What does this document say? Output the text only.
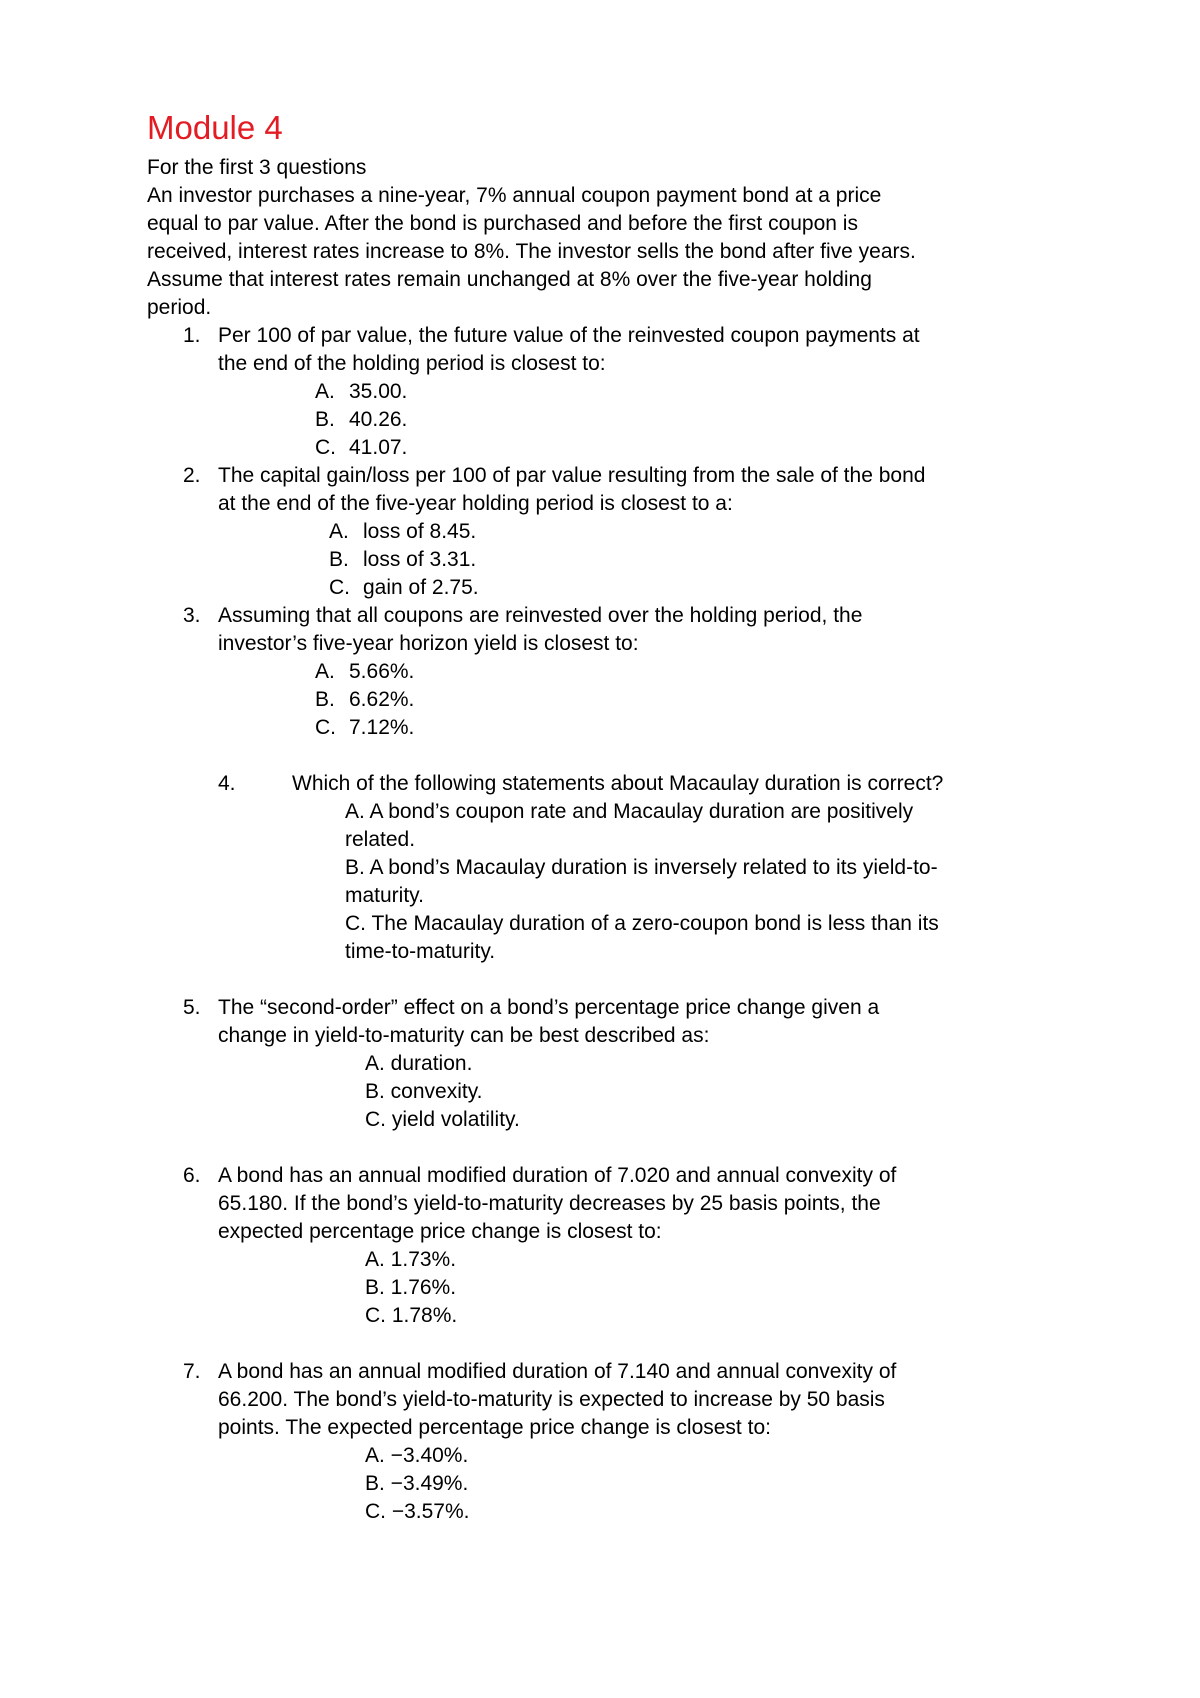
Module 4
For the first 3 questions
An investor purchases a nine-year, 7% annual coupon payment bond at a price
equal to par value. After the bond is purchased and before the first coupon is
received, interest rates increase to 8%. The investor sells the bond after five years.
Assume that interest rates remain unchanged at 8% over the five-year holding
period.
1. Per 100 of par value, the future value of the reinvested coupon payments at
the end of the holding period is closest to:
A. 35.00.
B. 40.26.
C. 41.07.
2. The capital gain/loss per 100 of par value resulting from the sale of the bond
at the end of the five-year holding period is closest to a:
A. loss of 8.45.
B. loss of 3.31.
C. gain of 2.75.
3. Assuming that all coupons are reinvested over the holding period, the
investor’s five-year horizon yield is closest to:
A. 5.66%.
B. 6.62%.
C. 7.12%.
4.	Which of the following statements about Macaulay duration is correct?
A. A bond’s coupon rate and Macaulay duration are positively
related.
B. A bond’s Macaulay duration is inversely related to its yield-to-
maturity.
C. The Macaulay duration of a zero-coupon bond is less than its
time-to-maturity.
5. The “second-order” effect on a bond’s percentage price change given a
change in yield-to-maturity can be best described as:
A. duration.
B. convexity.
C. yield volatility.
6. A bond has an annual modified duration of 7.020 and annual convexity of
65.180. If the bond’s yield-to-maturity decreases by 25 basis points, the
expected percentage price change is closest to:
A. 1.73%.
B. 1.76%.
C. 1.78%.
7. A bond has an annual modified duration of 7.140 and annual convexity of
66.200. The bond’s yield-to-maturity is expected to increase by 50 basis
points. The expected percentage price change is closest to:
A. −3.40%.
B. −3.49%.
C. −3.57%.
